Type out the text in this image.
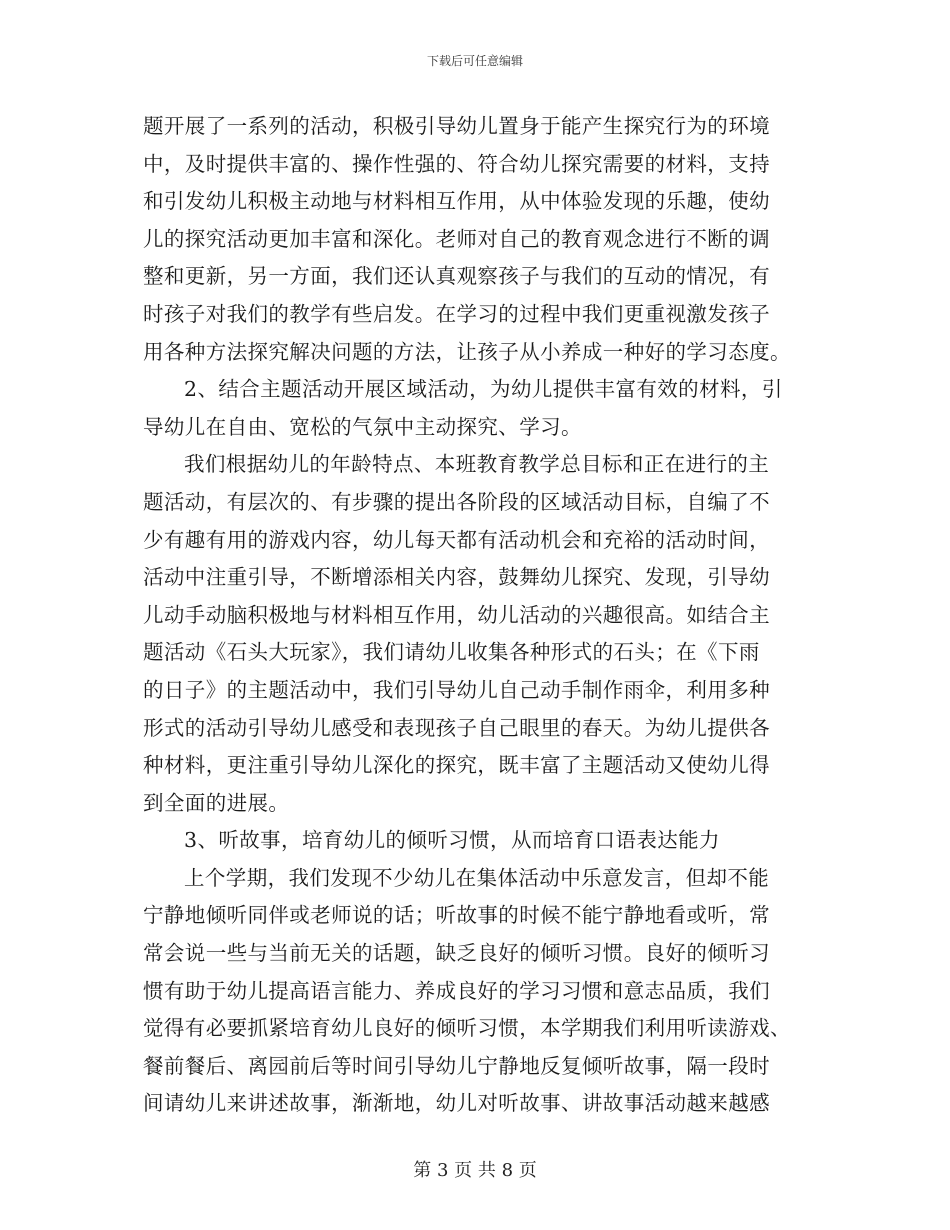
下载后可任意编辑

题开展了一系列的活动，积极引导幼儿置身于能产生探究行为的环境
中，及时提供丰富的、操作性强的、符合幼儿探究需要的材料，支持
和引发幼儿积极主动地与材料相互作用，从中体验发现的乐趣，使幼
儿的探究活动更加丰富和深化。老师对自己的教育观念进行不断的调
整和更新，另一方面，我们还认真观察孩子与我们的互动的情况，有
时孩子对我们的教学有些启发。在学习的过程中我们更重视激发孩子
用各种方法探究解决问题的方法，让孩子从小养成一种好的学习态度。

2、结合主题活动开展区域活动，为幼儿提供丰富有效的材料，引
导幼儿在自由、宽松的气氛中主动探究、学习。

我们根据幼儿的年龄特点、本班教育教学总目标和正在进行的主
题活动，有层次的、有步骤的提出各阶段的区域活动目标，自编了不
少有趣有用的游戏内容，幼儿每天都有活动机会和充裕的活动时间，
活动中注重引导，不断增添相关内容，鼓舞幼儿探究、发现，引导幼
儿动手动脑积极地与材料相互作用，幼儿活动的兴趣很高。如结合主
题活动《石头大玩家》，我们请幼儿收集各种形式的石头；在《下雨
的日子》的主题活动中，我们引导幼儿自己动手制作雨伞，利用多种
形式的活动引导幼儿感受和表现孩子自己眼里的春天。为幼儿提供各
种材料，更注重引导幼儿深化的探究，既丰富了主题活动又使幼儿得
到全面的进展。

3、听故事，培育幼儿的倾听习惯，从而培育口语表达能力

上个学期，我们发现不少幼儿在集体活动中乐意发言，但却不能
宁静地倾听同伴或老师说的话；听故事的时候不能宁静地看或听，常
常会说一些与当前无关的话题，缺乏良好的倾听习惯。良好的倾听习
惯有助于幼儿提高语言能力、养成良好的学习习惯和意志品质，我们
觉得有必要抓紧培育幼儿良好的倾听习惯，本学期我们利用听读游戏、
餐前餐后、离园前后等时间引导幼儿宁静地反复倾听故事，隔一段时
间请幼儿来讲述故事，渐渐地，幼儿对听故事、讲故事活动越来越感

第 3 页 共 8 页
